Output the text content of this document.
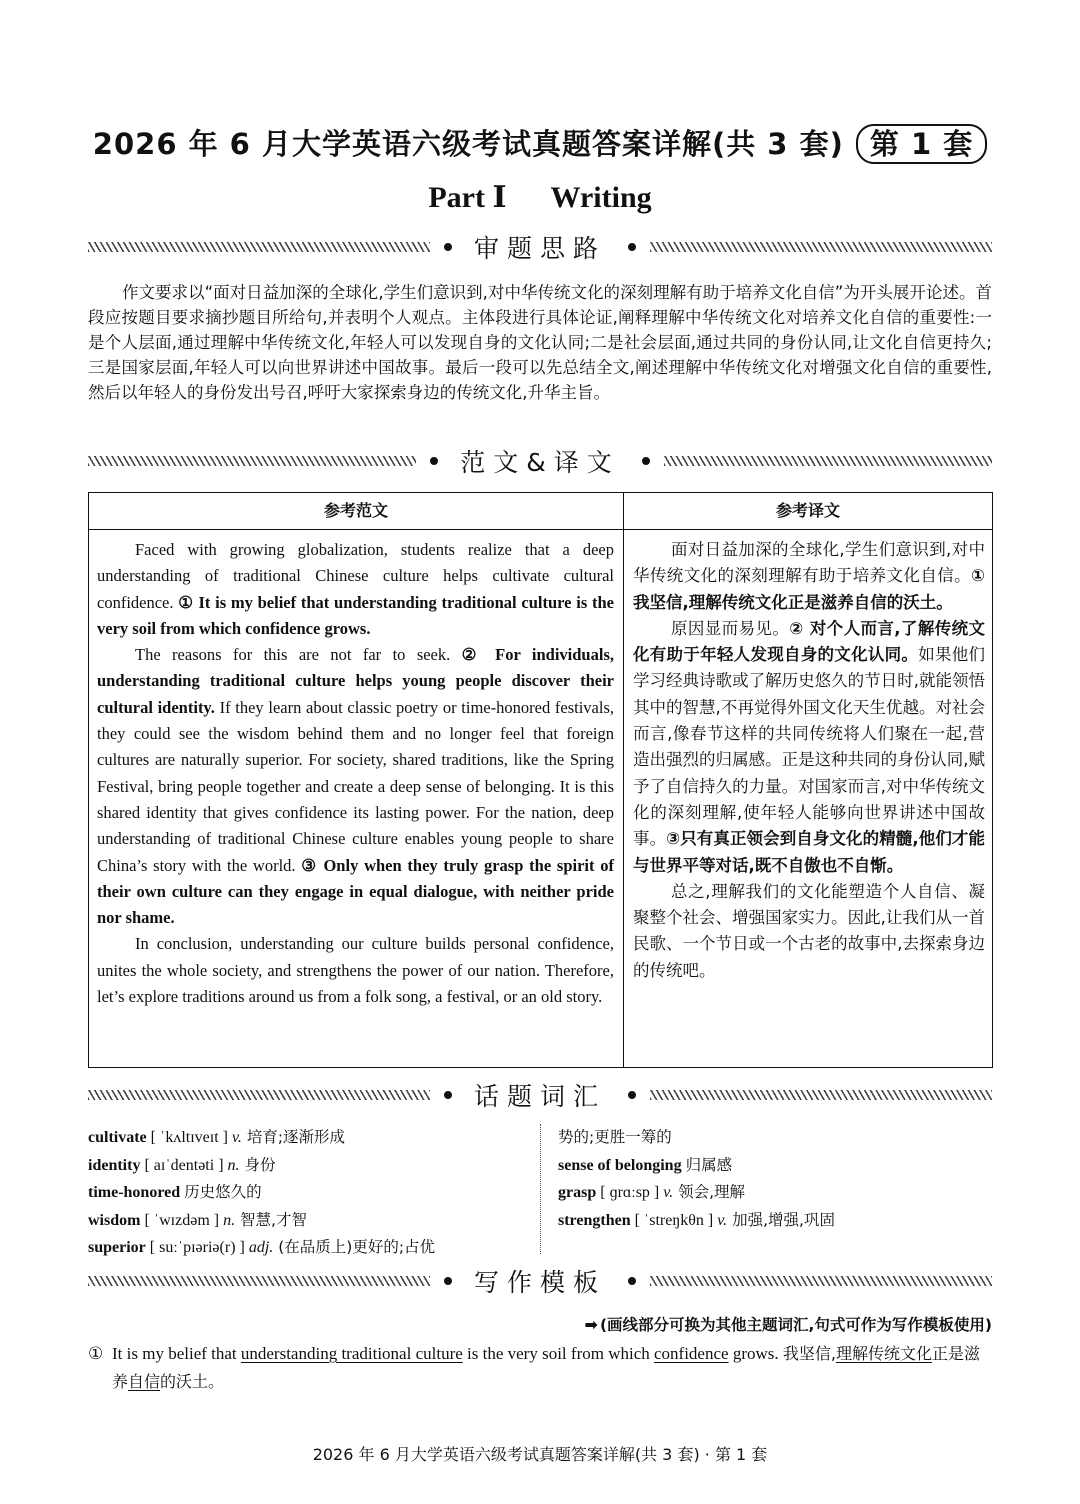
2026 年 6 月大学英语六级考试真题答案详解(共 3 套) 第 1 套
Part Ⅰ Writing
审题思路

作文要求以“面对日益加深的全球化,学生们意识到,对中华传统文化的深刻理解有助于培养文化自信”为开头展开论述。首段应按题目要求摘抄题目所给句,并表明个人观点。主体段进行具体论证,阐释理解中华传统文化对培养文化自信的重要性:一是个人层面,通过理解中华传统文化,年轻人可以发现自身的文化认同;二是社会层面,通过共同的身份认同,让文化自信更持久;三是国家层面,年轻人可以向世界讲述中国故事。最后一段可以先总结全文,阐述理解中华传统文化对增强文化自信的重要性,然后以年轻人的身份发出号召,呼吁大家探索身边的传统文化,升华主旨。

范文&译文
参考范文	参考译文

Faced with growing globalization, students realize that a deep understanding of traditional Chinese culture helps cultivate cultural confidence. ① It is my belief that understanding traditional culture is the very soil from which confidence grows.

The reasons for this are not far to seek. ② For individuals, understanding traditional culture helps young people discover their cultural identity. If they learn about classic poetry or time-honored festivals, they could see the wisdom behind them and no longer feel that foreign cultures are naturally superior. For society, shared traditions, like the Spring Festival, bring people together and create a deep sense of belonging. It is this shared identity that gives confidence its lasting power. For the nation, deep understanding of traditional Chinese culture enables young people to share China’s story with the world. ③ Only when they truly grasp the spirit of their own culture can they engage in equal dialogue, with neither pride nor shame.

In conclusion, understanding our culture builds personal confidence, unites the whole society, and strengthens the power of our nation. Therefore, let’s explore traditions around us from a folk song, a festival, or an old story.

面对日益加深的全球化,学生们意识到,对中华传统文化的深刻理解有助于培养文化自信。① 我坚信,理解传统文化正是滋养自信的沃土。

原因显而易见。② 对个人而言,了解传统文化有助于年轻人发现自身的文化认同。如果他们学习经典诗歌或了解历史悠久的节日时,就能领悟其中的智慧,不再觉得外国文化天生优越。对社会而言,像春节这样的共同传统将人们聚在一起,营造出强烈的归属感。正是这种共同的身份认同,赋予了自信持久的力量。对国家而言,对中华传统文化的深刻理解,使年轻人能够向世界讲述中国故事。③只有真正领会到自身文化的精髓,他们才能与世界平等对话,既不自傲也不自惭。

总之,理解我们的文化能塑造个人自信、凝聚整个社会、增强国家实力。因此,让我们从一首民歌、一个节日或一个古老的故事中,去探索身边的传统吧。

话题词汇
cultivate [ ˈkʌltɪveɪt ] v. 培育;逐渐形成
identity [ aɪˈdentəti ] n. 身份
time-honored 历史悠久的
wisdom [ ˈwɪzdəm ] n. 智慧,才智
superior [ suːˈpɪəriə(r) ] adj. (在品质上)更好的;占优
势的;更胜一筹的
sense of belonging 归属感
grasp [ ɡrɑːsp ] v. 领会,理解
strengthen [ ˈstreŋkθn ] v. 加强,增强,巩固
写作模板
➡ (画线部分可换为其他主题词汇,句式可作为写作模板使用)
① It is my belief that understanding traditional culture is the very soil from which confidence grows. 我坚信,理解传统文化正是滋养自信的沃土。
2026 年 6 月大学英语六级考试真题答案详解(共 3 套) · 第 1 套
